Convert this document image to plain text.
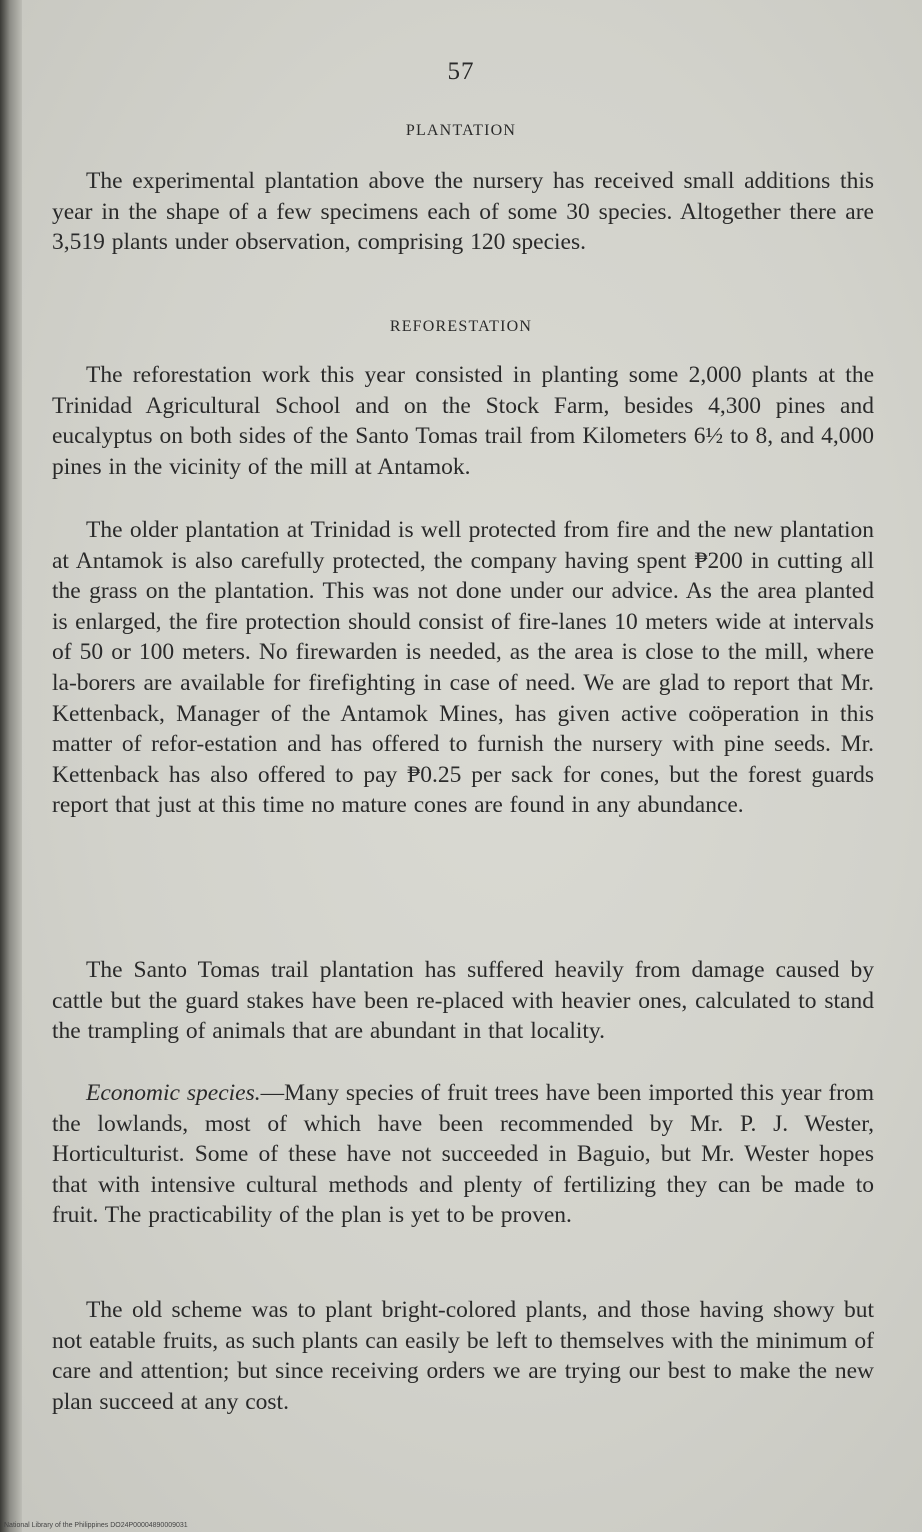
57
PLANTATION

The experimental plantation above the nursery has received small additions this year in the shape of a few specimens each of some 30 species. Altogether there are 3,519 plants under observation, comprising 120 species.

REFORESTATION

The reforestation work this year consisted in planting some 2,000 plants at the Trinidad Agricultural School and on the Stock Farm, besides 4,300 pines and eucalyptus on both sides of the Santo Tomas trail from Kilometers 6½ to 8, and 4,000 pines in the vicinity of the mill at Antamok.

The older plantation at Trinidad is well protected from fire and the new plantation at Antamok is also carefully protected, the company having spent ₱200 in cutting all the grass on the plantation. This was not done under our advice. As the area planted is enlarged, the fire protection should consist of fire-lanes 10 meters wide at intervals of 50 or 100 meters. No firewarden is needed, as the area is close to the mill, where la-borers are available for firefighting in case of need. We are glad to report that Mr. Kettenback, Manager of the Antamok Mines, has given active coöperation in this matter of refor-estation and has offered to furnish the nursery with pine seeds. Mr. Kettenback has also offered to pay ₱0.25 per sack for cones, but the forest guards report that just at this time no mature cones are found in any abundance.

The Santo Tomas trail plantation has suffered heavily from damage caused by cattle but the guard stakes have been re-placed with heavier ones, calculated to stand the trampling of animals that are abundant in that locality.

Economic species.—Many species of fruit trees have been imported this year from the lowlands, most of which have been recommended by Mr. P. J. Wester, Horticulturist. Some of these have not succeeded in Baguio, but Mr. Wester hopes that with intensive cultural methods and plenty of fertilizing they can be made to fruit. The practicability of the plan is yet to be proven.

The old scheme was to plant bright-colored plants, and those having showy but not eatable fruits, as such plants can easily be left to themselves with the minimum of care and attention; but since receiving orders we are trying our best to make the new plan succeed at any cost.

National Library of the Philippines DO24P00004890009031
